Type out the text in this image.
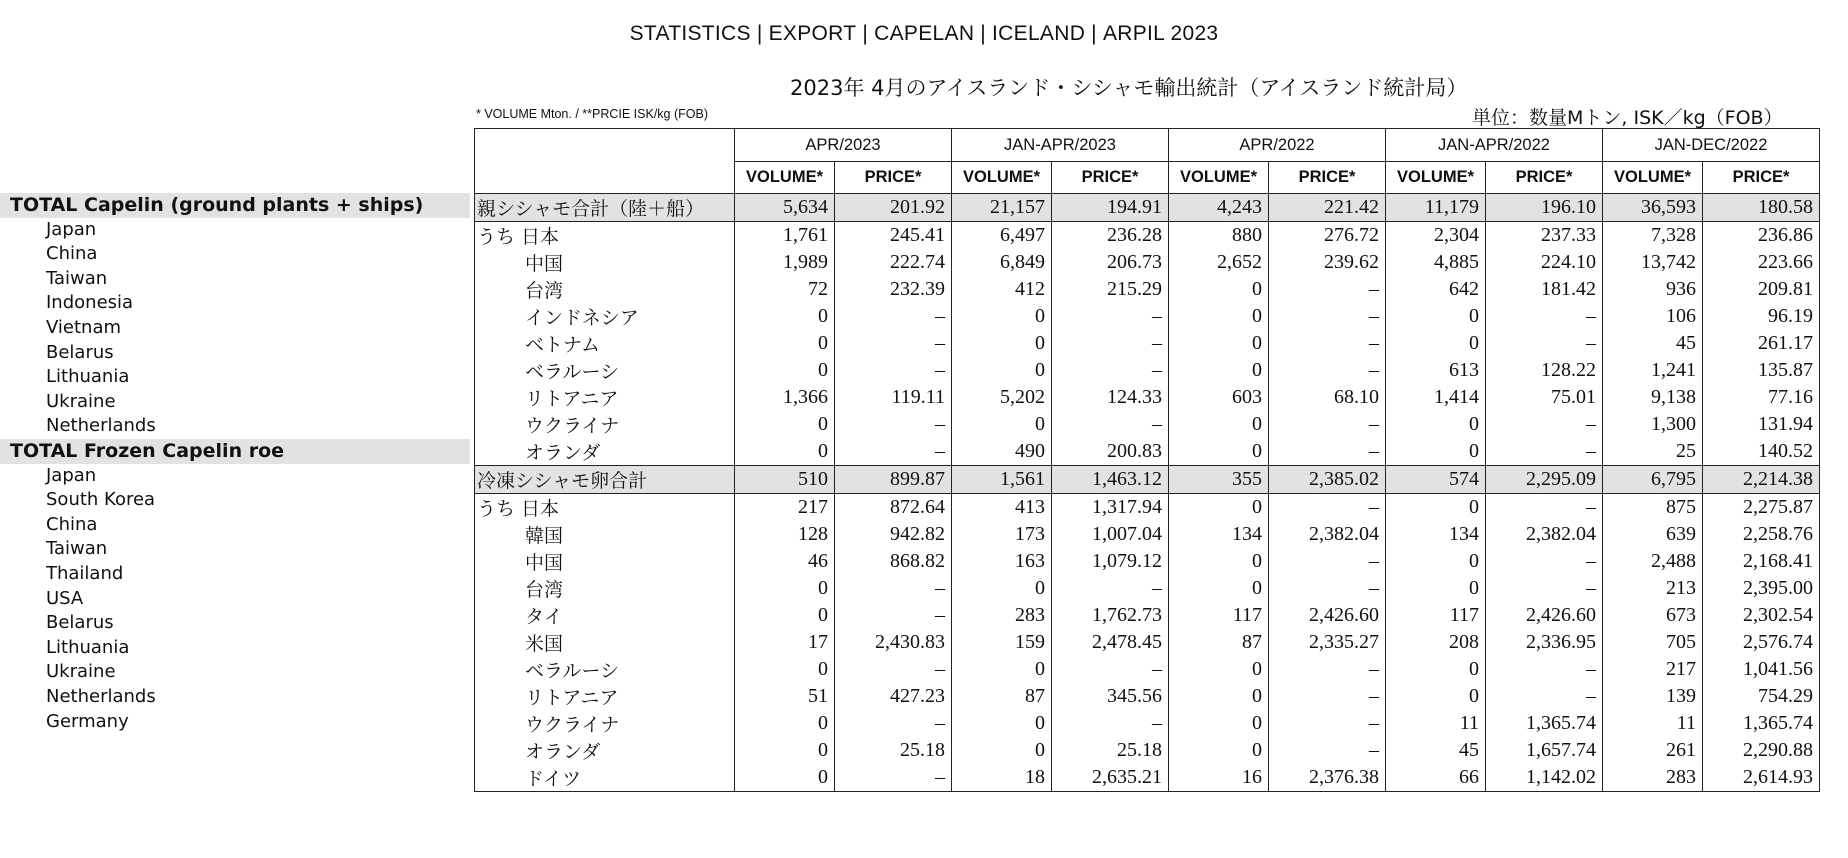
STATISTICS | EXPORT | CAPELAN | ICELAND | ARPIL 2023
2023年 4月のアイスランド・シシャモ輸出統計（アイスランド統計局）
* VOLUME Mton. / **PRCIE ISK/kg (FOB)	単位：数量Mトン, ISK／kg（FOB）
TOTAL Capelin (ground plants + ships)
Japan
China
Taiwan
Indonesia
Vietnam
Belarus
Lithuania
Ukraine
Netherlands
TOTAL Frozen Capelin roe
Japan
South Korea
China
Taiwan
Thailand
USA
Belarus
Lithuania
Ukraine
Netherlands
Germany
	APR/2023		JAN-APR/2023		APR/2022		JAN-APR/2022		JAN-DEC/2022	
	VOLUME*	PRICE*	VOLUME*	PRICE*	VOLUME*	PRICE*	VOLUME*	PRICE*	VOLUME*	PRICE*
親シシャモ合計（陸＋船）	5,634	201.92	21,157	194.91	4,243	221.42	11,179	196.10	36,593	180.58
うち 日本	1,761	245.41	6,497	236.28	880	276.72	2,304	237.33	7,328	236.86
中国	1,989	222.74	6,849	206.73	2,652	239.62	4,885	224.10	13,742	223.66
台湾	72	232.39	412	215.29	0	–	642	181.42	936	209.81
インドネシア	0	–	0	–	0	–	0	–	106	96.19
ベトナム	0	–	0	–	0	–	0	–	45	261.17
ベラルーシ	0	–	0	–	0	–	613	128.22	1,241	135.87
リトアニア	1,366	119.11	5,202	124.33	603	68.10	1,414	75.01	9,138	77.16
ウクライナ	0	–	0	–	0	–	0	–	1,300	131.94
オランダ	0	–	490	200.83	0	–	0	–	25	140.52
冷凍シシャモ卵合計	510	899.87	1,561	1,463.12	355	2,385.02	574	2,295.09	6,795	2,214.38
うち 日本	217	872.64	413	1,317.94	0	–	0	–	875	2,275.87
韓国	128	942.82	173	1,007.04	134	2,382.04	134	2,382.04	639	2,258.76
中国	46	868.82	163	1,079.12	0	–	0	–	2,488	2,168.41
台湾	0	–	0	–	0	–	0	–	213	2,395.00
タイ	0	–	283	1,762.73	117	2,426.60	117	2,426.60	673	2,302.54
米国	17	2,430.83	159	2,478.45	87	2,335.27	208	2,336.95	705	2,576.74
ベラルーシ	0	–	0	–	0	–	0	–	217	1,041.56
リトアニア	51	427.23	87	345.56	0	–	0	–	139	754.29
ウクライナ	0	–	0	–	0	–	11	1,365.74	11	1,365.74
オランダ	0	25.18	0	25.18	0	–	45	1,657.74	261	2,290.88
ドイツ	0	–	18	2,635.21	16	2,376.38	66	1,142.02	283	2,614.93
